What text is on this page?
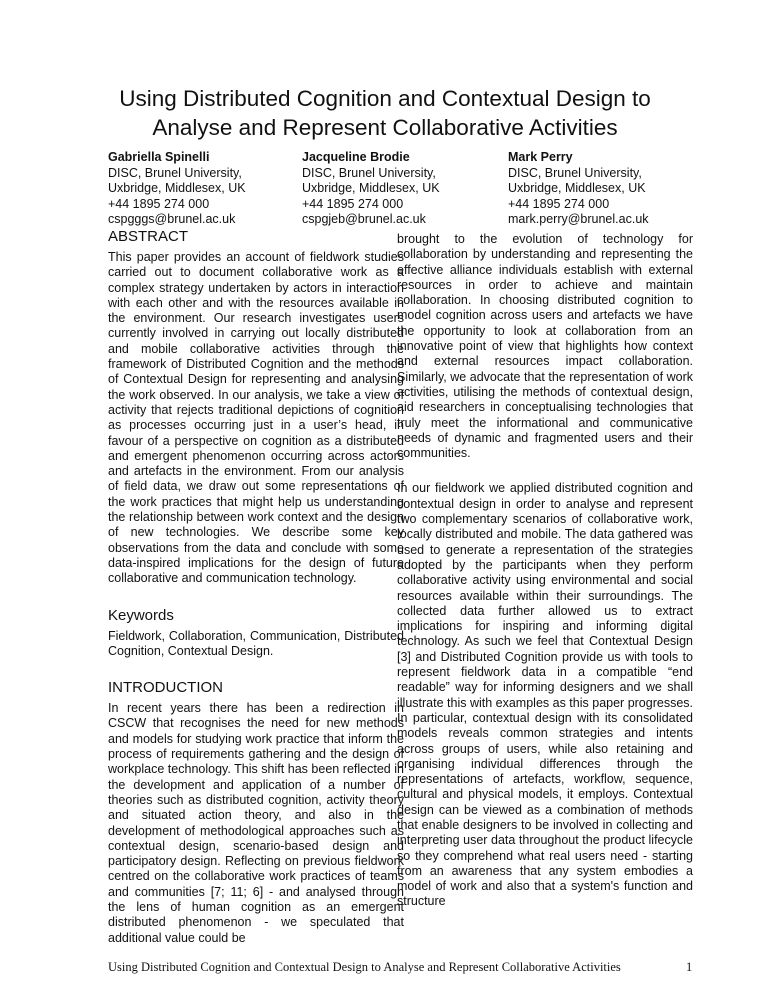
Using Distributed Cognition and Contextual Design to
Analyse and Represent Collaborative Activities
Gabriella Spinelli
DISC, Brunel University,
Uxbridge, Middlesex, UK
+44 1895 274 000
cspgggs@brunel.ac.uk
Jacqueline Brodie
DISC, Brunel University,
Uxbridge, Middlesex, UK
+44 1895 274 000
cspgjeb@brunel.ac.uk
Mark Perry
DISC, Brunel University,
Uxbridge, Middlesex, UK
+44 1895 274 000
mark.perry@brunel.ac.uk
ABSTRACT

This paper provides an account of fieldwork studies carried out to document collaborative work as a complex strategy undertaken by actors in interaction with each other and with the resources available in the environment. Our research investigates users currently involved in carrying out locally distributed and mobile collaborative activities through the framework of Distributed Cognition and the methods of Contextual Design for representing and analysing the work observed. In our analysis, we take a view of activity that rejects traditional depictions of cognition as processes occurring just in a user’s head, in favour of a perspective on cognition as a distributed and emergent phenomenon occurring across actors and artefacts in the environment. From our analysis of field data, we draw out some representations of the work practices that might help us understanding the relationship between work context and the design of new technologies. We describe some key observations from the data and conclude with some data-inspired implications for the design of future collaborative and communication technology.

Keywords

Fieldwork, Collaboration, Communication, Distributed Cognition, Contextual Design.

INTRODUCTION

In recent years there has been a redirection in CSCW that recognises the need for new methods and models for studying work practice that inform the process of requirements gathering and the design of workplace technology. This shift has been reflected in the development and application of a number of theories such as distributed cognition, activity theory and situated action theory, and also in the development of methodological approaches such as contextual design, scenario-based design and participatory design. Reflecting on previous fieldwork centred on the collaborative work practices of teams and communities [7; 11; 6] - and analysed through the lens of human cognition as an emergent distributed phenomenon - we speculated that additional value could be

brought to the evolution of technology for collaboration by understanding and representing the effective alliance individuals establish with external resources in order to achieve and maintain collaboration. In choosing distributed cognition to model cognition across users and artefacts we have the opportunity to look at collaboration from an innovative point of view that highlights how context and external resources impact collaboration. Similarly, we advocate that the representation of work activities, utilising the methods of contextual design, aid researchers in conceptualising technologies that truly meet the informational and communicative needs of dynamic and fragmented users and their communities.

In our fieldwork we applied distributed cognition and contextual design in order to analyse and represent two complementary scenarios of collaborative work, locally distributed and mobile. The data gathered was used to generate a representation of the strategies adopted by the participants when they perform collaborative activity using environmental and social resources available within their surroundings. The collected data further allowed us to extract implications for inspiring and informing digital technology. As such we feel that Contextual Design [3] and Distributed Cognition provide us with tools to represent fieldwork data in a compatible “end readable” way for informing designers and we shall illustrate this with examples as this paper progresses. In particular, contextual design with its consolidated models reveals common strategies and intents across groups of users, while also retaining and organising individual differences through the representations of artefacts, workflow, sequence, cultural and physical models, it employs. Contextual design can be viewed as a combination of methods that enable designers to be involved in collecting and interpreting user data throughout the product lifecycle so they comprehend what real users need - starting from an awareness that any system embodies a model of work and also that a system's function and structure

Using Distributed Cognition and Contextual Design to Analyse and Represent Collaborative Activities	1
